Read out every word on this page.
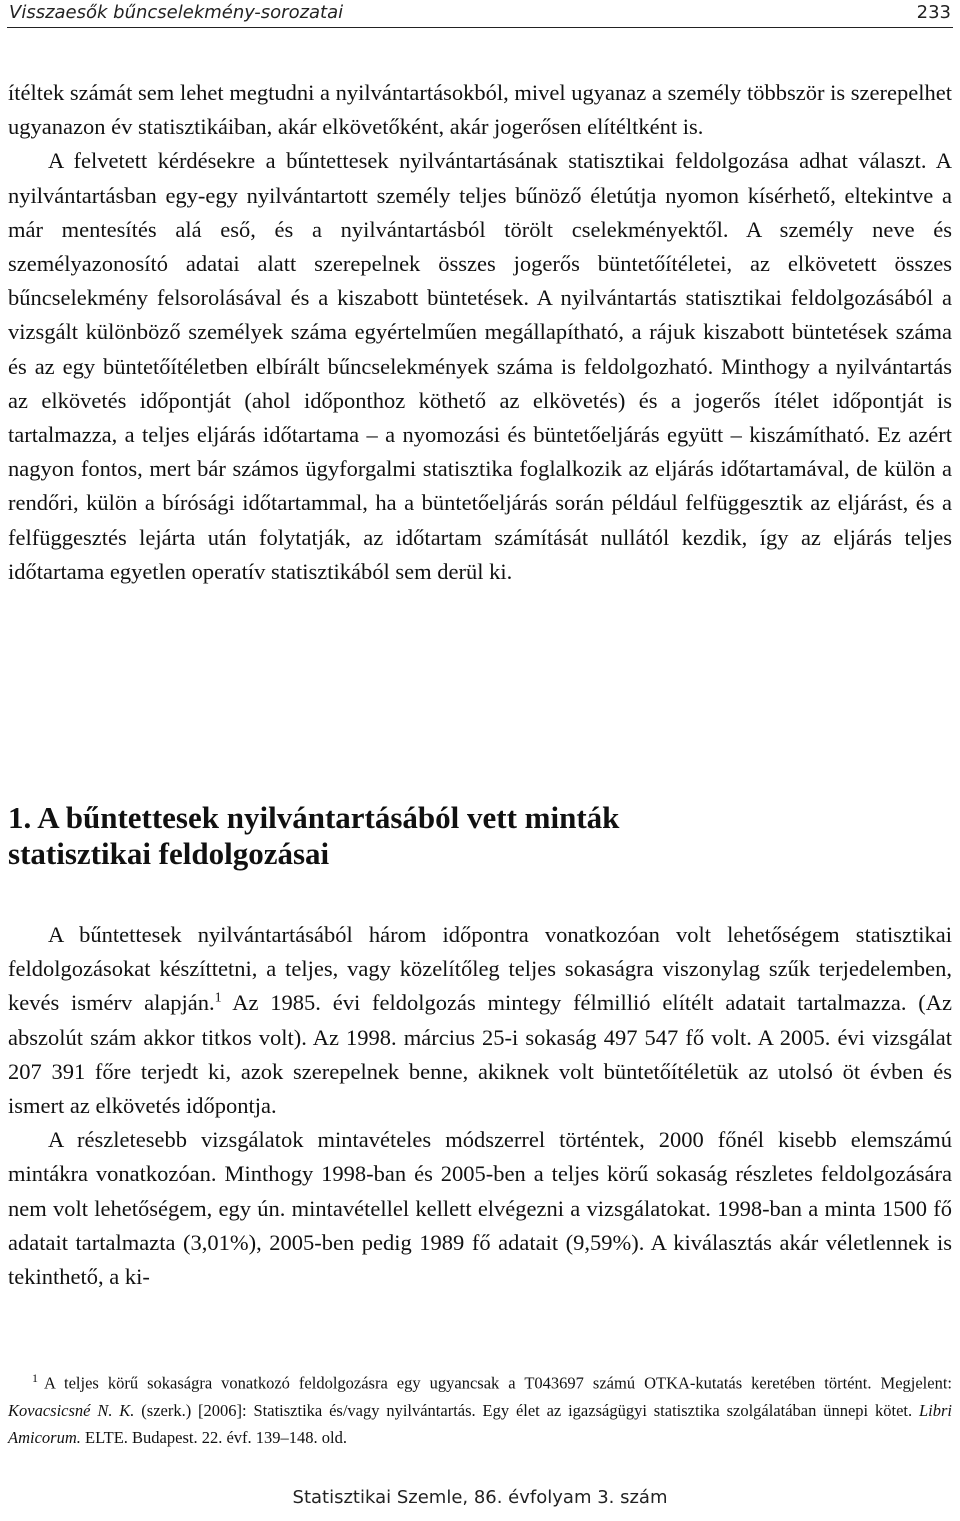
Visszaesők bűncselekmény-sorozatai	233

ítéltek számát sem lehet megtudni a nyilvántartásokból, mivel ugyanaz a személy többször is szerepelhet ugyanazon év statisztikáiban, akár elkövetőként, akár jogerősen elítéltként is.

A felvetett kérdésekre a bűntettesek nyilvántartásának statisztikai feldolgozása adhat választ. A nyilvántartásban egy-egy nyilvántartott személy teljes bűnöző életútja nyomon kísérhető, eltekintve a már mentesítés alá eső, és a nyilvántartásból törölt cselekményektől. A személy neve és személyazonosító adatai alatt szerepelnek összes jogerős büntetőítéletei, az elkövetett összes bűncselekmény felsorolásával és a kiszabott büntetések. A nyilvántartás statisztikai feldolgozásából a vizsgált különböző személyek száma egyértelműen megállapítható, a rájuk kiszabott büntetések száma és az egy büntetőítéletben elbírált bűncselekmények száma is feldolgozható. Minthogy a nyilvántartás az elkövetés időpontját (ahol időponthoz köthető az elkövetés) és a jogerős ítélet időpontját is tartalmazza, a teljes eljárás időtartama – a nyomozási és büntetőeljárás együtt – kiszámítható. Ez azért nagyon fontos, mert bár számos ügyforgalmi statisztika foglalkozik az eljárás időtartamával, de külön a rendőri, külön a bírósági időtartammal, ha a büntetőeljárás során például felfüggesztik az eljárást, és a felfüggesztés lejárta után folytatják, az időtartam számítását nullától kezdik, így az eljárás teljes időtartama egyetlen operatív statisztikából sem derül ki.

1. A bűntettesek nyilvántartásából vett minták
statisztikai feldolgozásai

A bűntettesek nyilvántartásából három időpontra vonatkozóan volt lehetőségem statisztikai feldolgozásokat készíttetni, a teljes, vagy közelítőleg teljes sokaságra viszonylag szűk terjedelemben, kevés ismérv alapján.$^1$ Az 1985. évi feldolgozás mintegy félmillió elítélt adatait tartalmazza. (Az abszolút szám akkor titkos volt). Az 1998. március 25-i sokaság 497 547 fő volt. A 2005. évi vizsgálat 207 391 főre terjedt ki, azok szerepelnek benne, akiknek volt büntetőítéletük az utolsó öt évben és ismert az elkövetés időpontja.

A részletesebb vizsgálatok mintavételes módszerrel történtek, 2000 főnél kisebb elemszámú mintákra vonatkozóan. Minthogy 1998-ban és 2005-ben a teljes körű sokaság részletes feldolgozására nem volt lehetőségem, egy ún. mintavétellel kellett elvégezni a vizsgálatokat. 1998-ban a minta 1500 fő adatait tartalmazta (3,01%), 2005-ben pedig 1989 fő adatait (9,59%). A kiválasztás akár véletlennek is tekinthető, a ki-

$^1$ A teljes körű sokaságra vonatkozó feldolgozásra egy ugyancsak a T043697 számú OTKA-kutatás keretében történt. Megjelent: Kovacsicsné N. K. (szerk.) [2006]: Statisztika és/vagy nyilvántartás. Egy élet az igazságügyi statisztika szolgálatában ünnepi kötet. Libri Amicorum. ELTE. Budapest. 22. évf. 139–148. old.

Statisztikai Szemle, 86. évfolyam 3. szám
